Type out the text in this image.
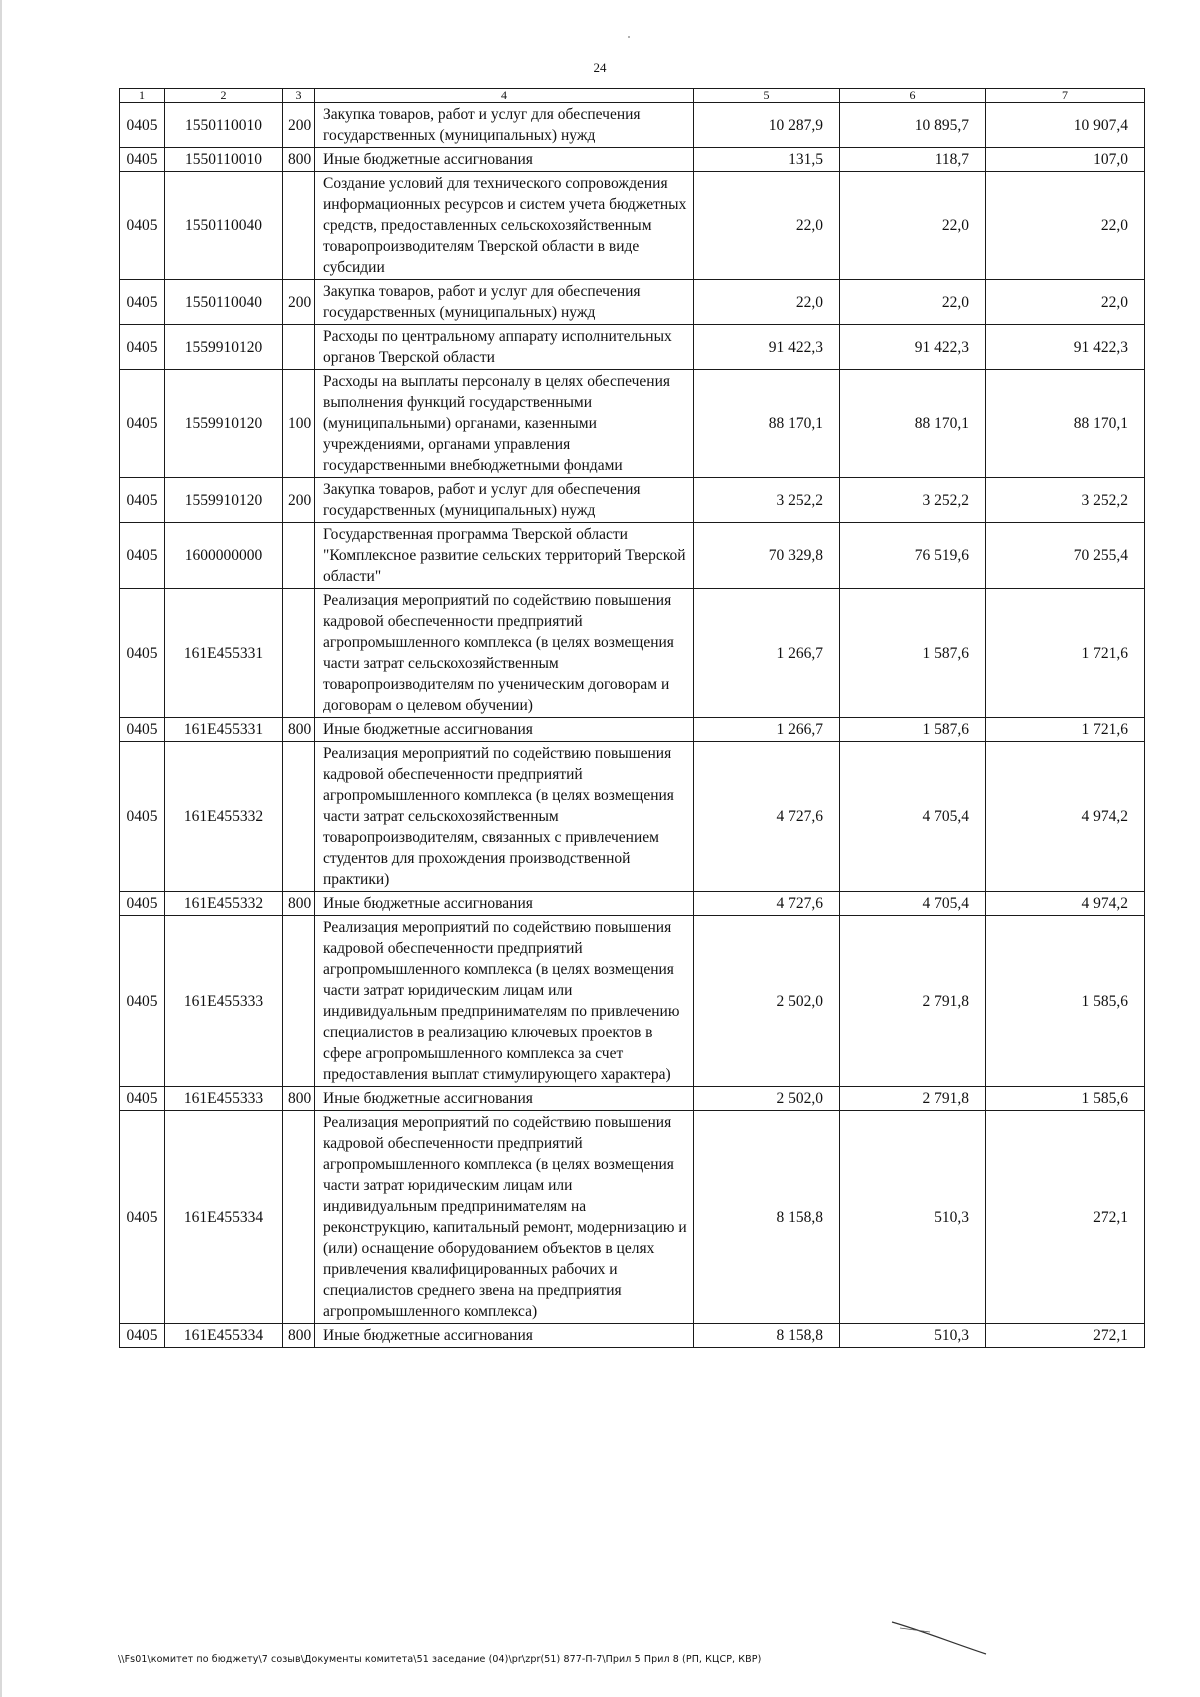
24
1	2	3	4	5	6	7
0405	1550110010	200	Закупка товаров, работ и услуг для обеспечения государственных (муниципальных) нужд	10 287,9	10 895,7	10 907,4
0405	1550110010	800	Иные бюджетные ассигнования	131,5	118,7	107,0
0405	1550110040		Создание условий для технического сопровождения информационных ресурсов и систем учета бюджетных средств, предоставленных сельскохозяйственным товаропроизводителям Тверской области в виде субсидии	22,0	22,0	22,0
0405	1550110040	200	Закупка товаров, работ и услуг для обеспечения государственных (муниципальных) нужд	22,0	22,0	22,0
0405	1559910120		Расходы по центральному аппарату исполнительных органов Тверской области	91 422,3	91 422,3	91 422,3
0405	1559910120	100	Расходы на выплаты персоналу в целях обеспечения выполнения функций государственными (муниципальными) органами, казенными учреждениями, органами управления государственными внебюджетными фондами	88 170,1	88 170,1	88 170,1
0405	1559910120	200	Закупка товаров, работ и услуг для обеспечения государственных (муниципальных) нужд	3 252,2	3 252,2	3 252,2
0405	1600000000		Государственная программа Тверской области "Комплексное развитие сельских территорий Тверской области"	70 329,8	76 519,6	70 255,4
0405	161E455331		Реализация мероприятий по содействию повышения кадровой обеспеченности предприятий агропромышленного комплекса (в целях возмещения части затрат сельскохозяйственным товаропроизводителям по ученическим договорам и договорам о целевом обучении)	1 266,7	1 587,6	1 721,6
0405	161E455331	800	Иные бюджетные ассигнования	1 266,7	1 587,6	1 721,6
0405	161E455332		Реализация мероприятий по содействию повышения кадровой обеспеченности предприятий агропромышленного комплекса (в целях возмещения части затрат сельскохозяйственным товаропроизводителям, связанных с привлечением студентов для прохождения производственной практики)	4 727,6	4 705,4	4 974,2
0405	161E455332	800	Иные бюджетные ассигнования	4 727,6	4 705,4	4 974,2
0405	161E455333		Реализация мероприятий по содействию повышения кадровой обеспеченности предприятий агропромышленного комплекса (в целях возмещения части затрат юридическим лицам или индивидуальным предпринимателям по привлечению специалистов в реализацию ключевых проектов в сфере агропромышленного комплекса за счет предоставления выплат стимулирующего характера)	2 502,0	2 791,8	1 585,6
0405	161E455333	800	Иные бюджетные ассигнования	2 502,0	2 791,8	1 585,6
0405	161E455334		Реализация мероприятий по содействию повышения кадровой обеспеченности предприятий агропромышленного комплекса (в целях возмещения части затрат юридическим лицам или индивидуальным предпринимателям на реконструкцию, капитальный ремонт, модернизацию и (или) оснащение оборудованием объектов в целях привлечения квалифицированных рабочих и специалистов среднего звена на предприятия агропромышленного комплекса)	8 158,8	510,3	272,1
0405	161E455334	800	Иные бюджетные ассигнования	8 158,8	510,3	272,1
\\Fs01\комитет по бюджету\7 созыв\Документы комитета\51 заседание (04)\pr\zpr(51) 877-П-7\Прил 5 Прил 8 (РП, КЦСР, КВР)
